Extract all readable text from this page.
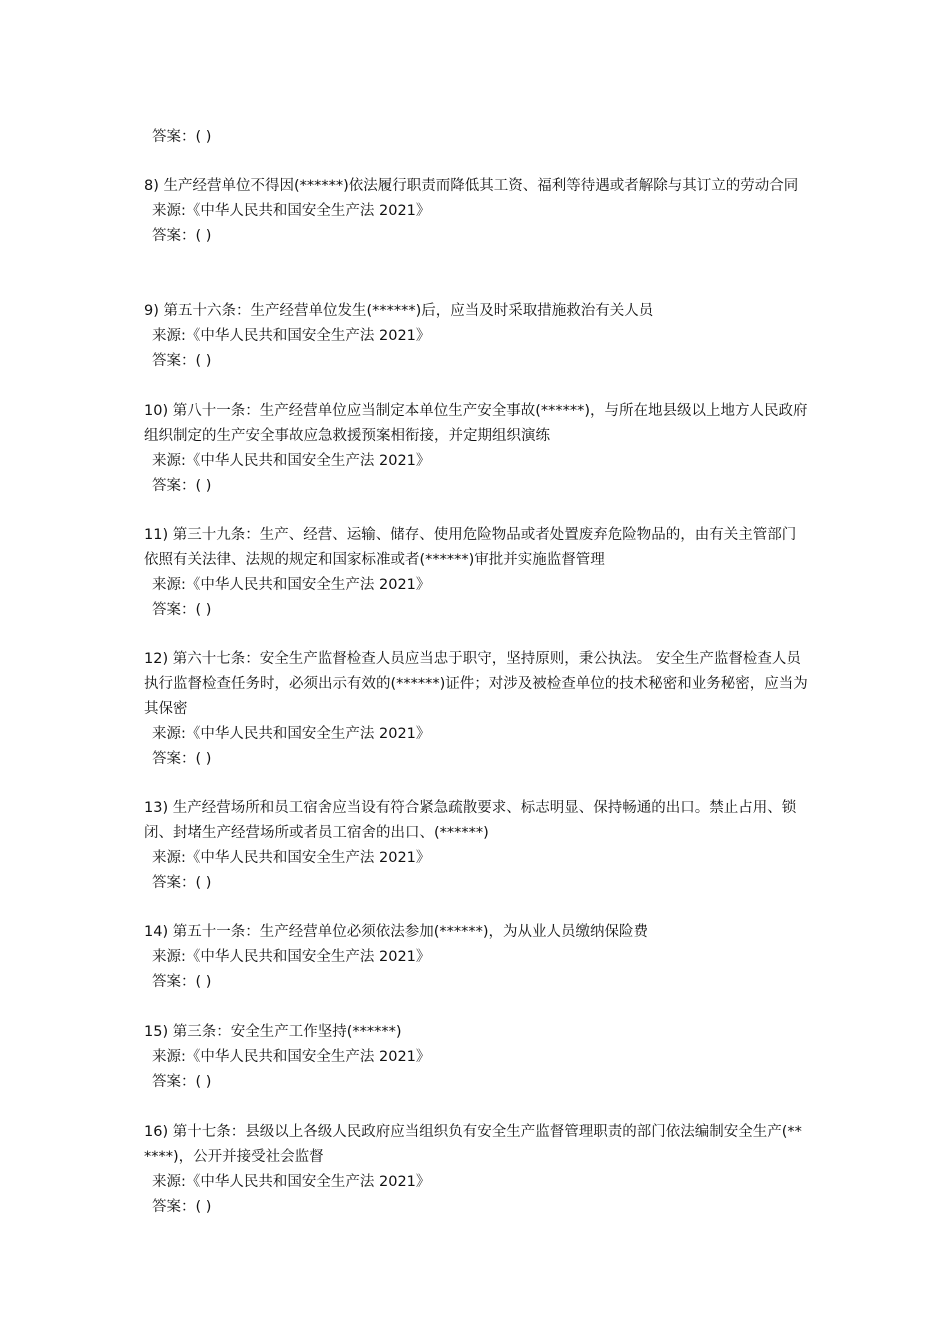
答案：( )

8) 生产经营单位不得因(******)依法履行职责而降低其工资、福利等待遇或者解除与其订立的劳动合同

来源:《中华人民共和国安全生产法 2021》

答案：( )

9) 第五十六条：生产经营单位发生(******)后，应当及时采取措施救治有关人员

来源:《中华人民共和国安全生产法 2021》

答案：( )

10) 第八十一条：生产经营单位应当制定本单位生产安全事故(******)，与所在地县级以上地方人民政府组织制定的生产安全事故应急救援预案相衔接，并定期组织演练

来源:《中华人民共和国安全生产法 2021》

答案：( )

11) 第三十九条：生产、经营、运输、储存、使用危险物品或者处置废弃危险物品的，由有关主管部门依照有关法律、法规的规定和国家标准或者(******)审批并实施监督管理

来源:《中华人民共和国安全生产法 2021》

答案：( )

12) 第六十七条：安全生产监督检查人员应当忠于职守，坚持原则，秉公执法。 安全生产监督检查人员执行监督检查任务时，必须出示有效的(******)证件；对涉及被检查单位的技术秘密和业务秘密，应当为其保密

来源:《中华人民共和国安全生产法 2021》

答案：( )

13) 生产经营场所和员工宿舍应当设有符合紧急疏散要求、标志明显、保持畅通的出口。禁止占用、锁闭、封堵生产经营场所或者员工宿舍的出口、(******)

来源:《中华人民共和国安全生产法 2021》

答案：( )

14) 第五十一条：生产经营单位必须依法参加(******)，为从业人员缴纳保险费

来源:《中华人民共和国安全生产法 2021》

答案：( )

15) 第三条：安全生产工作坚持(******)

来源:《中华人民共和国安全生产法 2021》

答案：( )

16) 第十七条：县级以上各级人民政府应当组织负有安全生产监督管理职责的部门依法编制安全生产(******)，公开并接受社会监督

来源:《中华人民共和国安全生产法 2021》

答案：( )
